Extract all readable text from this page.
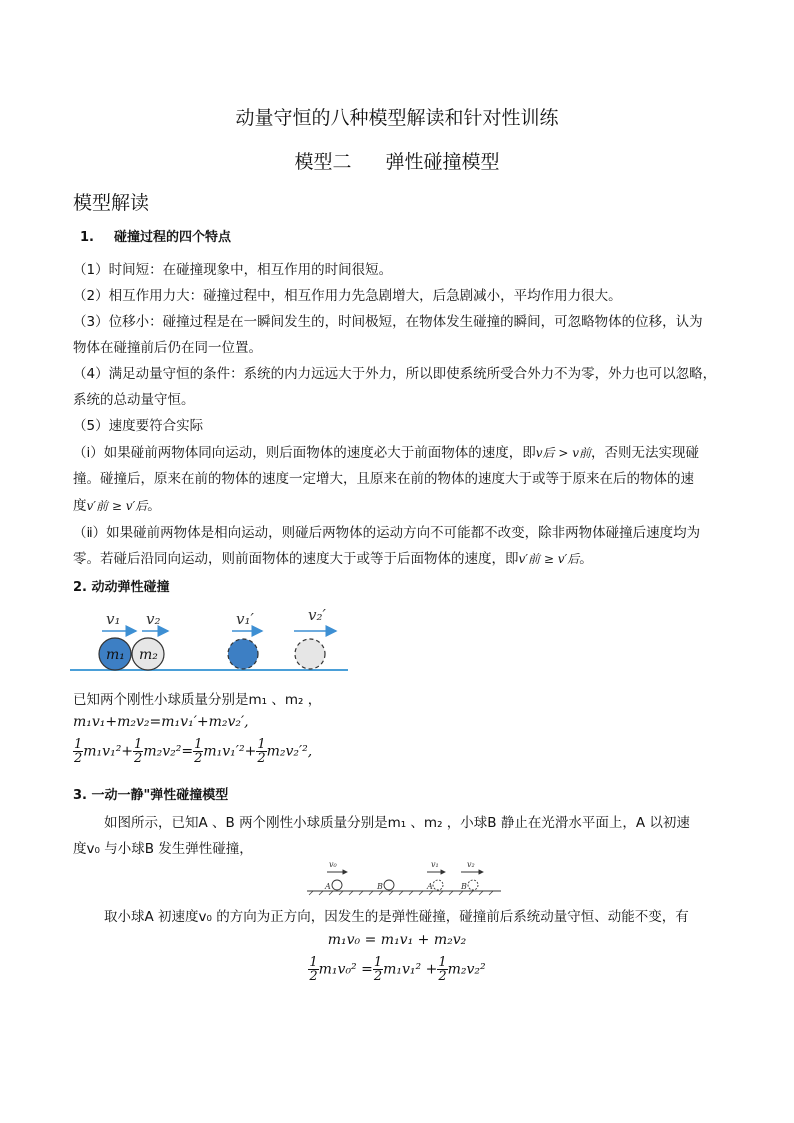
动量守恒的八种模型解读和针对性训练
模型二 弹性碰撞模型
模型解读
1. 碰撞过程的四个特点
（1）时间短：在碰撞现象中，相互作用的时间很短。
（2）相互作用力大：碰撞过程中，相互作用力先急剧增大，后急剧减小，平均作用力很大。
（3）位移小：碰撞过程是在一瞬间发生的，时间极短，在物体发生碰撞的瞬间，可忽略物体的位移，认为
物体在碰撞前后仍在同一位置。
（4）满足动量守恒的条件：系统的内力远远大于外力，所以即使系统所受合外力不为零，外力也可以忽略，
系统的总动量守恒。
（5）速度要符合实际
（ⅰ）如果碰前两物体同向运动，则后面物体的速度必大于前面物体的速度，即v后 > v前，否则无法实现碰
撞。碰撞后，原来在前的物体的速度一定增大，且原来在前的物体的速度大于或等于原来在后的物体的速
度v′前 ≥ v′后。
（ⅱ）如果碰前两物体是相向运动，则碰后两物体的运动方向不可能都不改变，除非两物体碰撞后速度均为
零。若碰后沿同向运动，则前面物体的速度大于或等于后面物体的速度，即v′前 ≥ v′后。
2. 动动弹性碰撞
v₁ v₂	v₁′	v₂′
m₁ m₂
已知两个刚性小球质量分别是m₁ 、m₂ ，
m₁v₁+m₂v₂=m₁v₁′+m₂v₂′,
$\frac{1}{2} m_1v_1^2+ \frac{1}{2} m_2v_2^2= \frac{1}{2} m_1v_1'^2+ \frac{1}{2} m_2v_2'^2$,
3. 一动一静"弹性碰撞模型
如图所示，已知A 、B 两个刚性小球质量分别是m₁ 、m₂ ，小球B 静止在光滑水平面上，A 以初速
度v₀ 与小球B 发生弹性碰撞，
v₀	v₁	v₂
A	B	A	B
取小球A 初速度v₀ 的方向为正方向，因发生的是弹性碰撞，碰撞前后系统动量守恒、动能不变，有
m₁v₀ = m₁v₁ + m₂v₂
$\frac{1}{2} m_1v_0^2 = \frac{1}{2} m_1v_1^2 + \frac{1}{2} m_2v_2^2$
